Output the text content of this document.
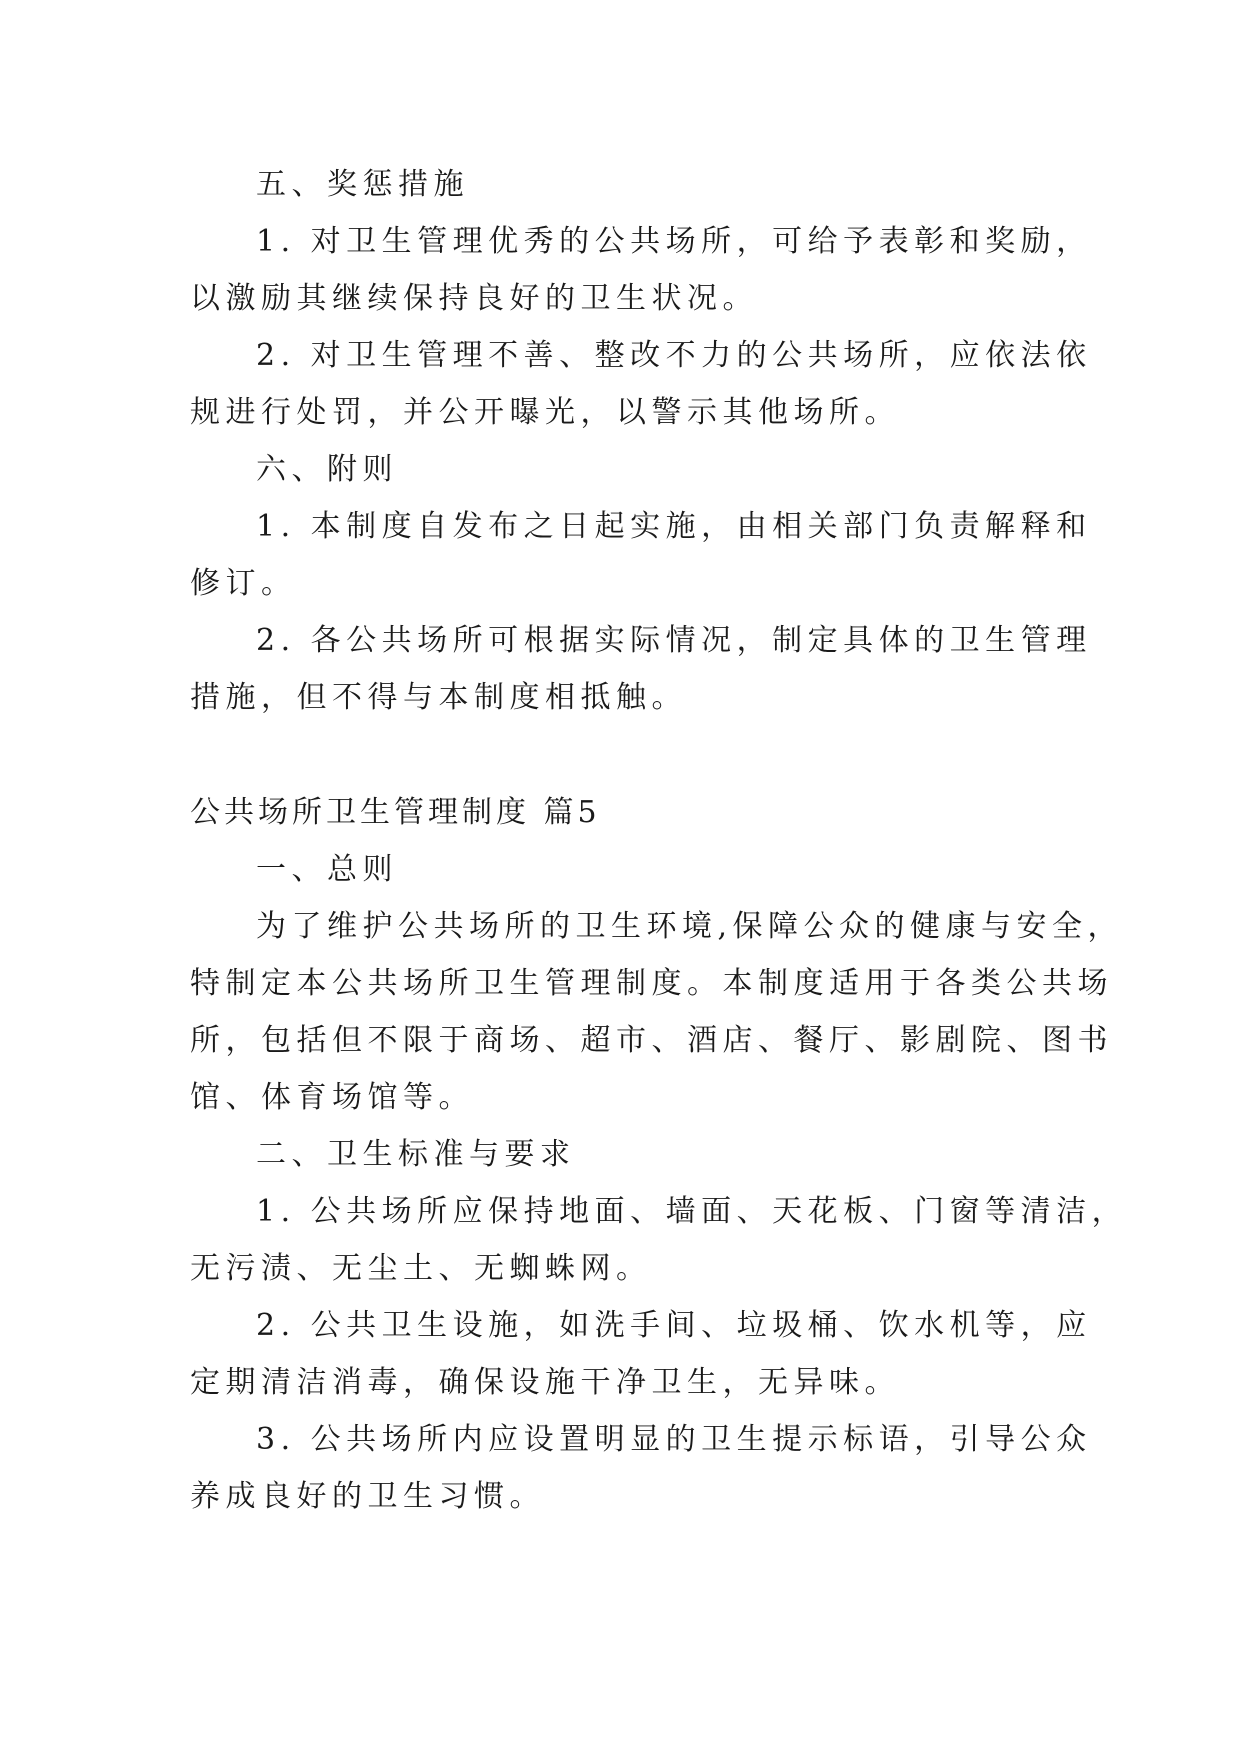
五、奖惩措施

1. 对卫生管理优秀的公共场所，可给予表彰和奖励，

以激励其继续保持良好的卫生状况。

2. 对卫生管理不善、整改不力的公共场所，应依法依

规进行处罚，并公开曝光，以警示其他场所。

六、附则

1. 本制度自发布之日起实施，由相关部门负责解释和

修订。

2. 各公共场所可根据实际情况，制定具体的卫生管理

措施，但不得与本制度相抵触。

公共场所卫生管理制度 篇5

一、总则

为了维护公共场所的卫生环境,保障公众的健康与安全，

特制定本公共场所卫生管理制度。本制度适用于各类公共场

所，包括但不限于商场、超市、酒店、餐厅、影剧院、图书

馆、体育场馆等。

二、卫生标准与要求

1. 公共场所应保持地面、墙面、天花板、门窗等清洁，

无污渍、无尘土、无蜘蛛网。

2. 公共卫生设施，如洗手间、垃圾桶、饮水机等，应

定期清洁消毒，确保设施干净卫生，无异味。

3. 公共场所内应设置明显的卫生提示标语，引导公众

养成良好的卫生习惯。
